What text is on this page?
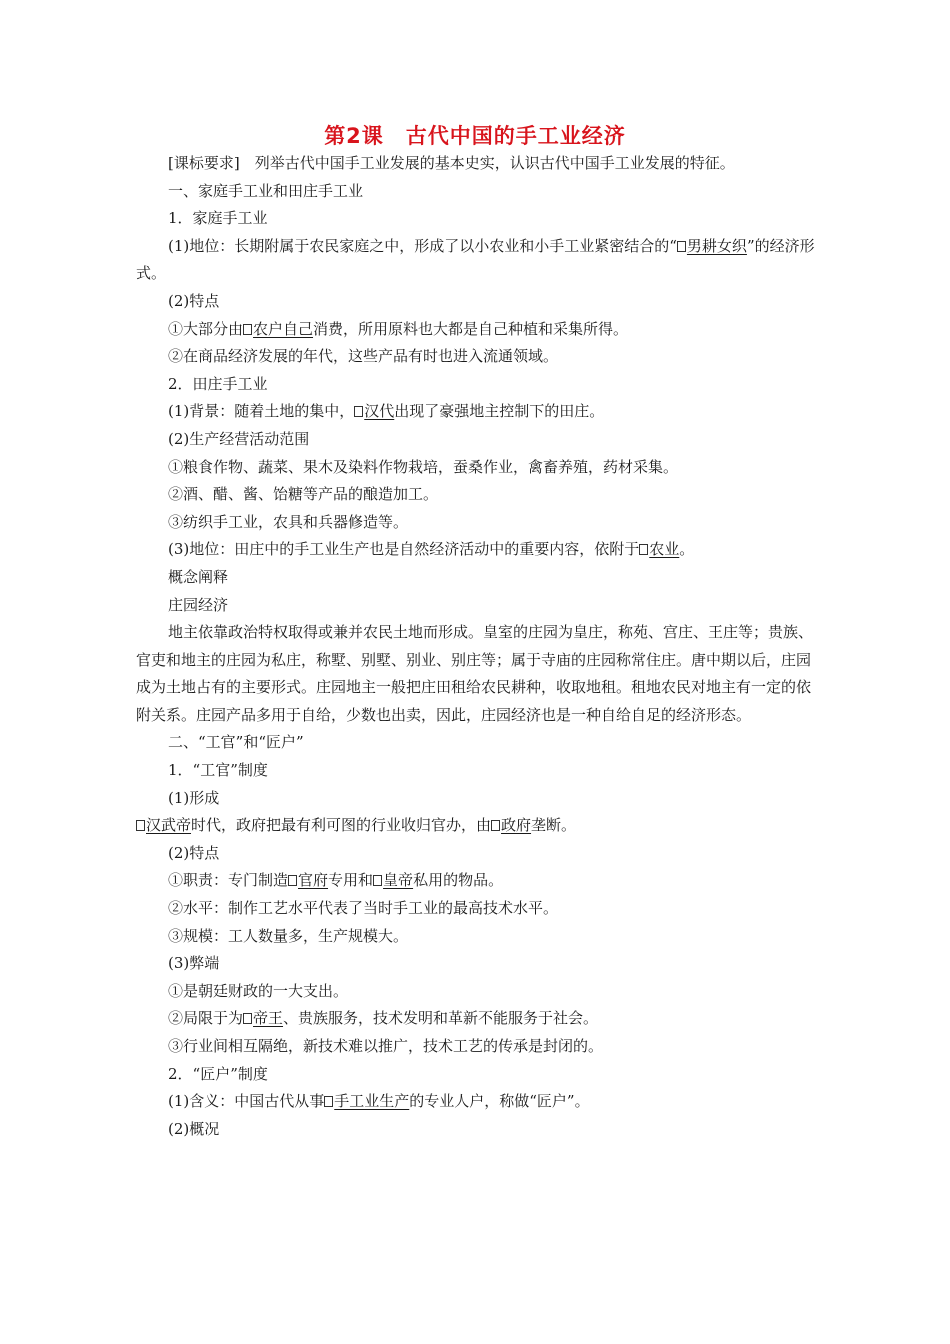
第2课　古代中国的手工业经济

[课标要求]　列举古代中国手工业发展的基本史实，认识古代中国手工业发展的特征。

一、家庭手工业和田庄手工业

1．家庭手工业

(1)地位：长期附属于农民家庭之中，形成了以小农业和小手工业紧密结合的“ 男耕女织”的经济形式。

(2)特点

①大部分由 农户自己消费，所用原料也大都是自己种植和采集所得。

②在商品经济发展的年代，这些产品有时也进入流通领域。

2．田庄手工业

(1)背景：随着土地的集中， 汉代出现了豪强地主控制下的田庄。

(2)生产经营活动范围

①粮食作物、蔬菜、果木及染料作物栽培，蚕桑作业，禽畜养殖，药材采集。

②酒、醋、酱、饴糖等产品的酿造加工。

③纺织手工业，农具和兵器修造等。

(3)地位：田庄中的手工业生产也是自然经济活动中的重要内容，依附于 农业。

概念阐释

庄园经济

地主依靠政治特权取得或兼并农民土地而形成。皇室的庄园为皇庄，称苑、宫庄、王庄等；贵族、官吏和地主的庄园为私庄，称墅、别墅、别业、别庄等；属于寺庙的庄园称常住庄。唐中期以后，庄园成为土地占有的主要形式。庄园地主一般把庄田租给农民耕种，收取地租。租地农民对地主有一定的依附关系。庄园产品多用于自给，少数也出卖，因此，庄园经济也是一种自给自足的经济形态。

二、“工官”和“匠户”

1．“工官”制度

(1)形成

汉武帝时代，政府把最有利可图的行业收归官办，由 政府垄断。

(2)特点

①职责：专门制造 官府专用和 皇帝私用的物品。

②水平：制作工艺水平代表了当时手工业的最高技术水平。

③规模：工人数量多，生产规模大。

(3)弊端

①是朝廷财政的一大支出。

②局限于为 帝王、贵族服务，技术发明和革新不能服务于社会。

③行业间相互隔绝，新技术难以推广，技术工艺的传承是封闭的。

2．“匠户”制度

(1)含义：中国古代从事 手工业生产的专业人户，称做“匠户”。

(2)概况
